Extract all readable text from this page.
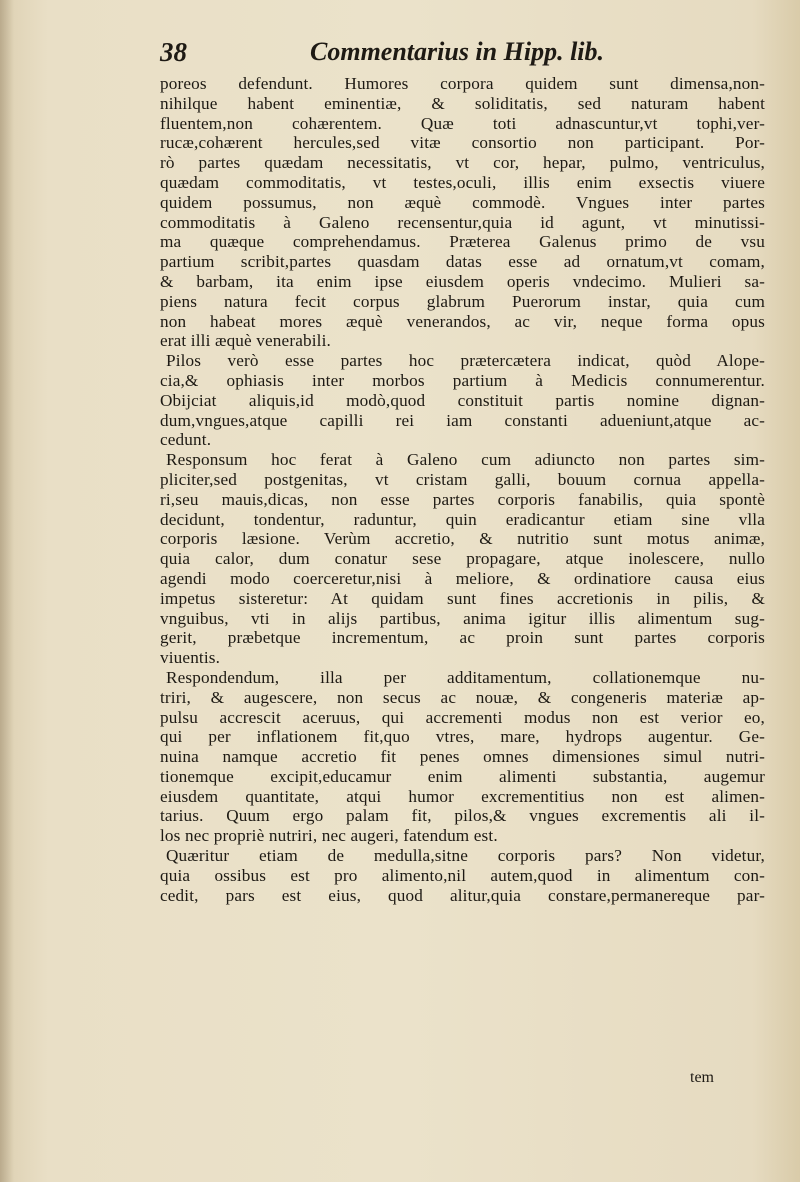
38	Commentarius in Hipp. lib.
poreos defendunt. Humores corpora quidem sunt dimensa,non-
nihilque habent eminentiæ, & soliditatis, sed naturam habent
fluentem,non cohærentem. Quæ toti adnascuntur,vt tophi,ver-
rucæ,cohærent hercules,sed vitæ consortio non participant. Por-
rò partes quædam necessitatis, vt cor, hepar, pulmo, ventriculus,
quædam commoditatis, vt testes,oculi, illis enim exsectis viuere
quidem possumus, non æquè commodè. Vngues inter partes
commoditatis à Galeno recensentur,quia id agunt, vt minutissi-
ma quæque comprehendamus. Præterea Galenus primo de vsu
partium scribit,partes quasdam datas esse ad ornatum,vt comam,
& barbam, ita enim ipse eiusdem operis vndecimo. Mulieri sa-
piens natura fecit corpus glabrum Puerorum instar, quia cum
non habeat mores æquè venerandos, ac vir, neque forma opus
erat illi æquè venerabili.
Pilos verò esse partes hoc prætercætera indicat, quòd Alope-
cia,& ophiasis inter morbos partium à Medicis connumerentur.
Obijciat aliquis,id modò,quod constituit partis nomine dignan-
dum,vngues,atque capilli rei iam constanti adueniunt,atque ac-
cedunt.
Responsum hoc ferat à Galeno cum adiuncto non partes sim-
pliciter,sed postgenitas, vt cristam galli, bouum cornua appella-
ri,seu mauis,dicas, non esse partes corporis fanabilis, quia spontè
decidunt, tondentur, raduntur, quin eradicantur etiam sine vlla
corporis læsione. Verùm accretio, & nutritio sunt motus animæ,
quia calor, dum conatur sese propagare, atque inolescere, nullo
agendi modo coerceretur,nisi à meliore, & ordinatiore causa eius
impetus sisteretur: At quidam sunt fines accretionis in pilis, &
vnguibus, vti in alijs partibus, anima igitur illis alimentum sug-
gerit, præbetque incrementum, ac proin sunt partes corporis
viuentis.
Respondendum, illa per additamentum, collationemque nu-
triri, & augescere, non secus ac nouæ, & congeneris materiæ ap-
pulsu accrescit aceruus, qui accrementi modus non est verior eo,
qui per inflationem fit,quo vtres, mare, hydrops augentur. Ge-
nuina namque accretio fit penes omnes dimensiones simul nutri-
tionemque excipit,educamur enim alimenti substantia, augemur
eiusdem quantitate, atqui humor excrementitius non est alimen-
tarius. Quum ergo palam fit, pilos,& vngues excrementis ali il-
los nec propriè nutriri, nec augeri, fatendum est.
Quæritur etiam de medulla,sitne corporis pars? Non videtur,
quia ossibus est pro alimento,nil autem,quod in alimentum con-
cedit, pars est eius, quod alitur,quia constare,permanereque par-
tem
